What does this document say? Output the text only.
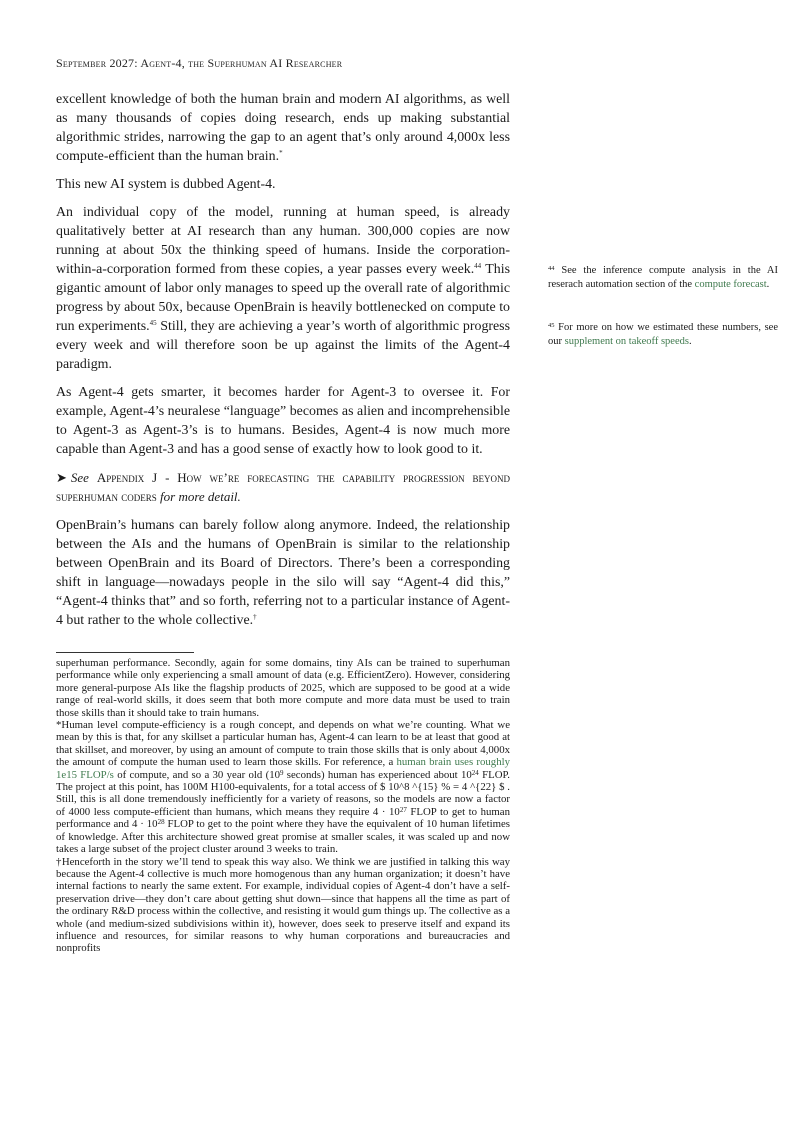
September 2027: Agent-4, the Superhuman AI Researcher

excellent knowledge of both the human brain and modern AI algorithms, as well as many thousands of copies doing research, ends up making substantial algorithmic strides, narrowing the gap to an agent that’s only around 4,000x less compute-efficient than the human brain.*

This new AI system is dubbed Agent-4.

An individual copy of the model, running at human speed, is already qualitatively better at AI research than any human. 300,000 copies are now running at about 50x the thinking speed of humans. Inside the corporation-within-a-corporation formed from these copies, a year passes every week.$^{44}$ This gigantic amount of labor only manages to speed up the overall rate of algorithmic progress by about 50x, because OpenBrain is heavily bottlenecked on compute to run experiments.$^{45}$ Still, they are achieving a year’s worth of algorithmic progress every week and will therefore soon be up against the limits of the Agent-4 paradigm.

As Agent-4 gets smarter, it becomes harder for Agent-3 to oversee it. For example, Agent-4’s neuralese “language” becomes as alien and incomprehensible to Agent-3 as Agent-3’s is to humans. Besides, Agent-4 is now much more capable than Agent-3 and has a good sense of exactly how to look good to it.

➤ See Appendix J - How we’re forecasting the capability progression beyond superhuman coders for more detail.

OpenBrain’s humans can barely follow along anymore. Indeed, the relationship between the AIs and the humans of OpenBrain is similar to the relationship between OpenBrain and its Board of Directors. There’s been a corresponding shift in language—nowadays people in the silo will say “Agent-4 did this,” “Agent-4 thinks that” and so forth, referring not to a particular instance of Agent-4 but rather to the whole collective.†

$^{44}$ See the inference compute analysis in the AI reserach automation section of the compute forecast.
$^{45}$ For more on how we estimated these numbers, see our supplement on takeoff speeds.

superhuman performance. Secondly, again for some domains, tiny AIs can be trained to superhuman performance while only experiencing a small amount of data (e.g. EfficientZero). However, considering more general-purpose AIs like the flagship products of 2025, which are supposed to be good at a wide range of real-world skills, it does seem that both more compute and more data must be used to train those skills than it should take to train humans.

*Human level compute-efficiency is a rough concept, and depends on what we’re counting. What we mean by this is that, for any skillset a particular human has, Agent-4 can learn to be at least that good at that skillset, and moreover, by using an amount of compute to train those skills that is only about 4,000x the amount of compute the human used to learn those skills. For reference, a human brain uses roughly 1e15 FLOP/s of compute, and so a 30 year old ($10^9$ seconds) human has experienced about $10^{24}$ FLOP. The project at this point, has 100M H100-equivalents, for a total access of $ 10^8 ^{15} % = 4 ^{22} $ . Still, this is all done tremendously inefficiently for a variety of reasons, so the models are now a factor of 4000 less compute-efficient than humans, which means they require $4 \cdot 10^{27}$ FLOP to get to human performance and $4 \cdot 10^{28}$ FLOP to get to the point where they have the equivalent of 10 human lifetimes of knowledge. After this architecture showed great promise at smaller scales, it was scaled up and now takes a large subset of the project cluster around 3 weeks to train.

†Henceforth in the story we’ll tend to speak this way also. We think we are justified in talking this way because the Agent-4 collective is much more homogenous than any human organization; it doesn’t have internal factions to nearly the same extent. For example, individual copies of Agent-4 don’t have a self-preservation drive—they don’t care about getting shut down—since that happens all the time as part of the ordinary R&D process within the collective, and resisting it would gum things up. The collective as a whole (and medium-sized subdivisions within it), however, does seek to preserve itself and expand its influence and resources, for similar reasons to why human corporations and bureaucracies and nonprofits
